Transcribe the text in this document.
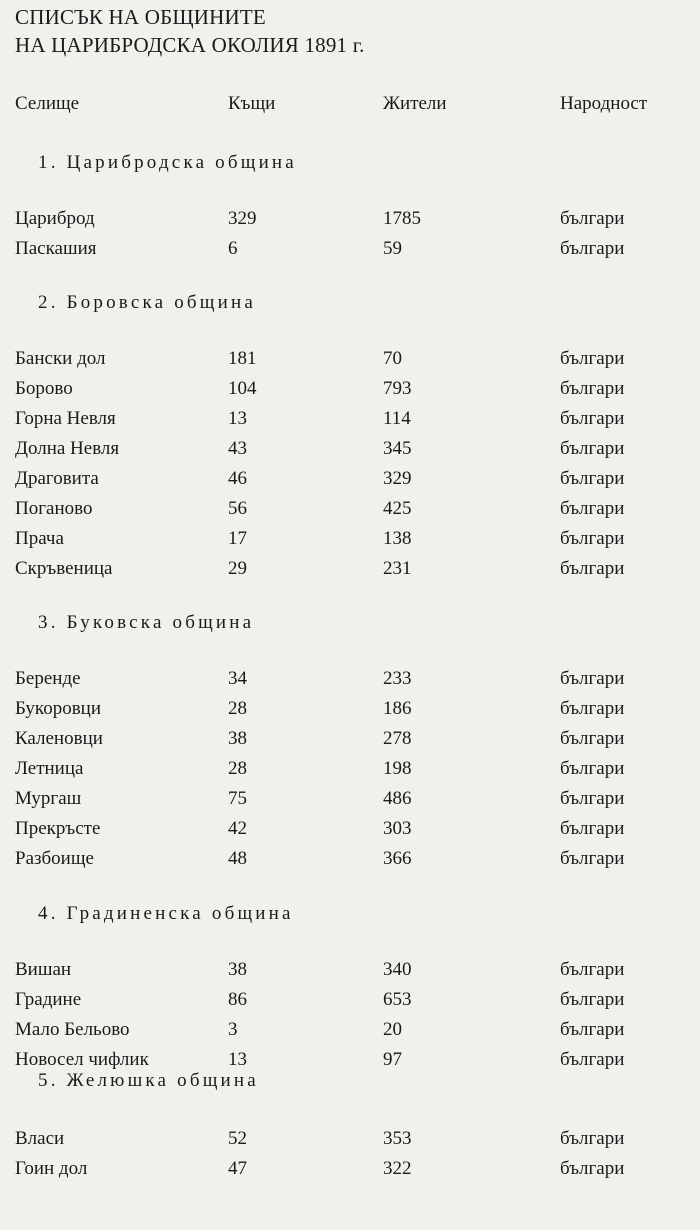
СПИСЪК НА ОБЩИНИТЕ
НА ЦАРИБРОДСКА ОКОЛИЯ 1891 г.
Селище	Къщи	Жители	Народност
1. Царибродска община
Цариброд	329	1785	българи
Паскашия	6	59	българи
2. Боровска община
Бански дол	181	70	българи
Борово	104	793	българи
Горна Невля	13	114	българи
Долна Невля	43	345	българи
Драговита	46	329	българи
Поганово	56	425	българи
Прача	17	138	българи
Скръвеница	29	231	българи
3. Буковска община
Беренде	34	233	българи
Букоровци	28	186	българи
Каленовци	38	278	българи
Летница	28	198	българи
Мургаш	75	486	българи
Прекръсте	42	303	българи
Разбоище	48	366	българи
4. Градиненска община
Вишан	38	340	българи
Градине	86	653	българи
Мало Бельово	3	20	българи
Новосел чифлик	13	97	българи
5. Желюшка община
Власи	52	353	българи
Гоин дол	47	322	българи
